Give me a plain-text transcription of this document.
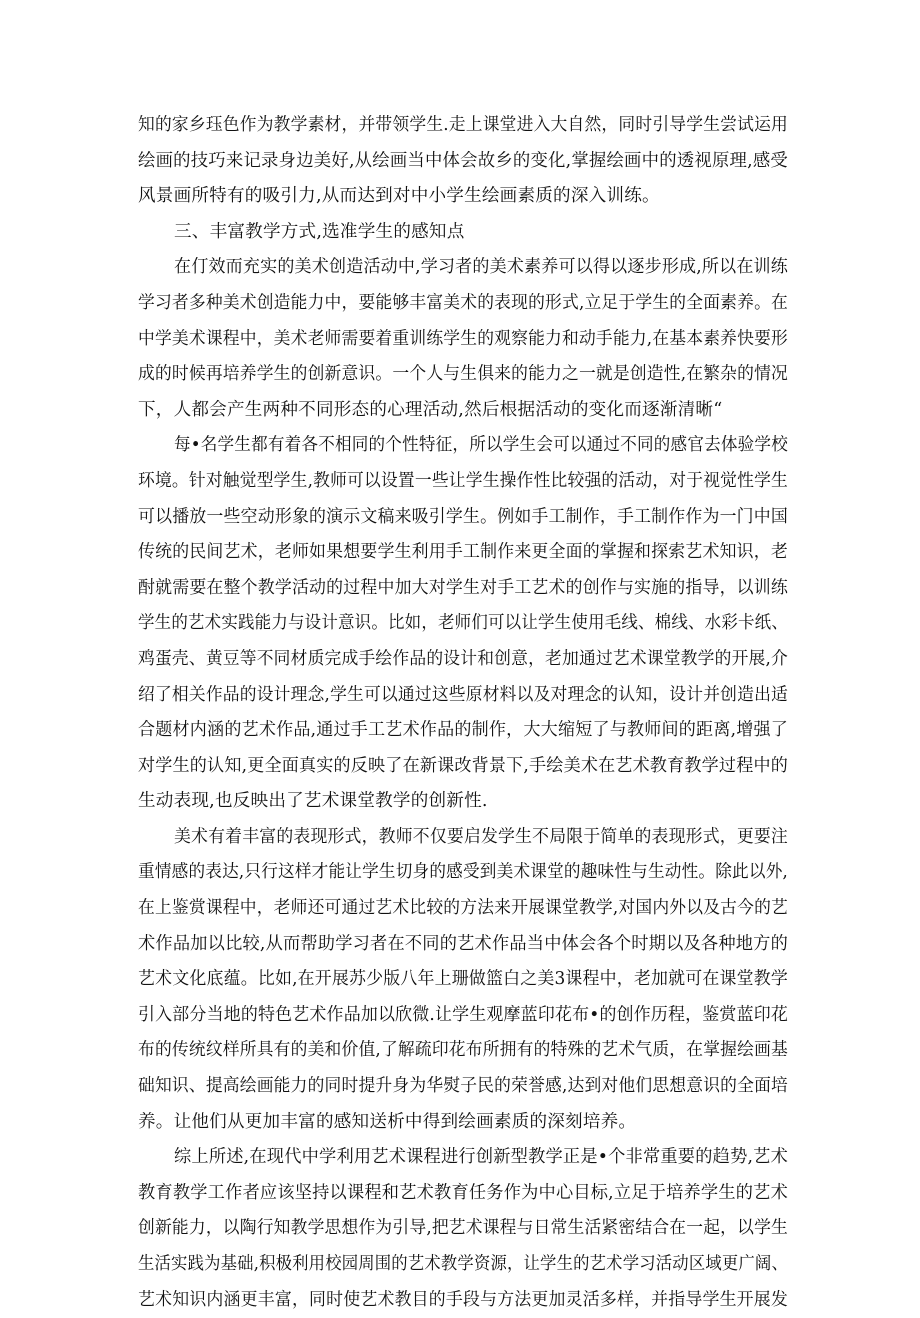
知的家乡珏色作为教学素材，并带领学生.走上课堂进入大自然，同时引导学生尝试运用
绘画的技巧来记录身边美好,从绘画当中体会故乡的变化,掌握绘画中的透视原理,感受
风景画所特有的吸引力,从而达到对中小学生绘画素质的深入训练。
三、丰富教学方式,选准学生的感知点
在仃效而充实的美术创造活动中,学习者的美术素养可以得以逐步形成,所以在训练
学习者多种美术创造能力中，要能够丰富美术的表现的形式,立足于学生的全面素养。在
中学美术课程中，美术老师需要着重训练学生的观察能力和动手能力,在基本素养快要形
成的时候再培养学生的创新意识。一个人与生俱来的能力之一就是创造性,在繁杂的情况
下，人都会产生两种不同形态的心理活动,然后根据活动的变化而逐渐清晰“
每•名学生都有着各不相同的个性特征，所以学生会可以通过不同的感官去体验学校
环境。针对触觉型学生,教师可以设置一些让学生操作性比较强的活动，对于视觉性学生
可以播放一些空动形象的演示文稿来吸引学生。例如手工制作，手工制作作为一门中国
传统的民间艺术，老师如果想要学生利用手工制作来更全面的掌握和探索艺术知识，老
酎就需要在整个教学活动的过程中加大对学生对手工艺术的创作与实施的指导，以训练
学生的艺术实践能力与设计意识。比如，老师们可以让学生使用毛线、棉线、水彩卡纸、
鸡蛋壳、黄豆等不同材质完成手绘作品的设计和创意，老加通过艺术课堂教学的开展,介
绍了相关作品的设计理念,学生可以通过这些原材料以及对理念的认知，设计并创造出适
合题材内涵的艺术作品,通过手工艺术作品的制作，大大缩短了与教师间的距离,增强了
对学生的认知,更全面真实的反映了在新课改背景下,手绘美术在艺术教育教学过程中的
生动表现,也反映出了艺术课堂教学的创新性.
美术有着丰富的表现形式，教师不仅要启发学生不局限于简单的表现形式，更要注
重情感的表达,只行这样才能让学生切身的感受到美术课堂的趣味性与生动性。除此以外,
在上鉴赏课程中，老师还可通过艺术比较的方法来开展课堂教学,对国内外以及古今的艺
术作品加以比较,从而帮助学习者在不同的艺术作品当中体会各个时期以及各种地方的
艺术文化底蕴。比如,在开展苏少版八年上珊做篮白之美3课程中，老加就可在课堂教学
引入部分当地的特色艺术作品加以欣微.让学生观摩蓝印花布•的创作历程，鉴赏蓝印花
布的传统纹样所具有的美和价值,了解疏印花布所拥有的特殊的艺术气质，在掌握绘画基
础知识、提高绘画能力的同时提升身为华熨子民的荣誉感,达到对他们思想意识的全面培
养。让他们从更加丰富的感知送析中得到绘画素质的深刻培养。
综上所述,在现代中学利用艺术课程进行创新型教学正是•个非常重要的趋势,艺术
教育教学工作者应该坚持以课程和艺术教育任务作为中心目标,立足于培养学生的艺术
创新能力，以陶行知教学思想作为引导,把艺术课程与日常生活紧密结合在一起，以学生
生活实践为基础,积极利用校园周围的艺术教学资源，让学生的艺术学习活动区域更广阔、
艺术知识内涵更丰富，同时使艺术教目的手段与方法更加灵活多样，并指导学生开展发
